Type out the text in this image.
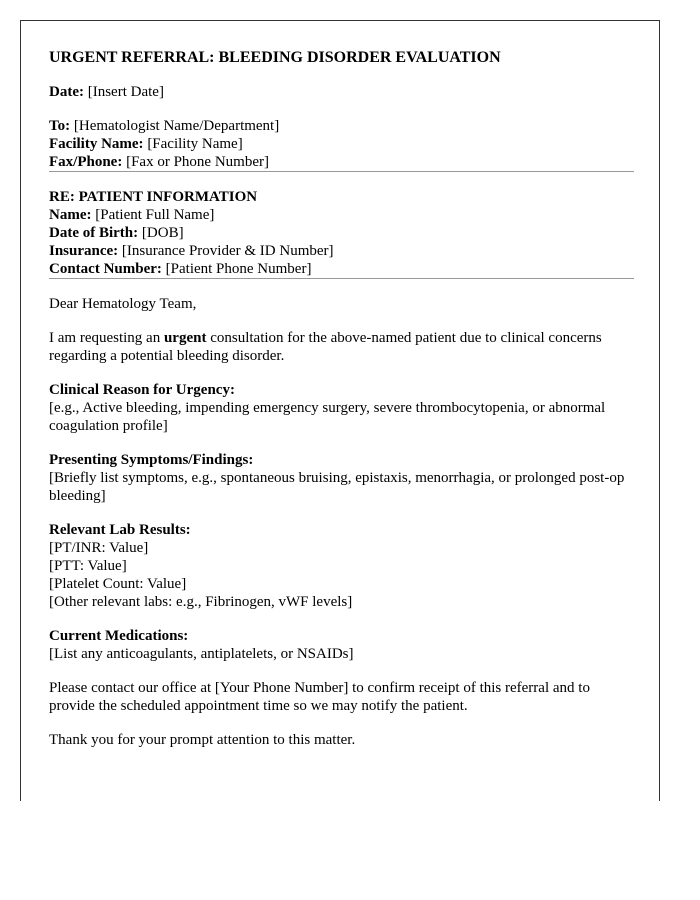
URGENT REFERRAL: BLEEDING DISORDER EVALUATION
Date: [Insert Date]
To: [Hematologist Name/Department]
Facility Name: [Facility Name]
Fax/Phone: [Fax or Phone Number]
RE: PATIENT INFORMATION
Name: [Patient Full Name]
Date of Birth: [DOB]
Insurance: [Insurance Provider & ID Number]
Contact Number: [Patient Phone Number]
Dear Hematology Team,
I am requesting an urgent consultation for the above-named patient due to clinical concerns regarding a potential bleeding disorder.
Clinical Reason for Urgency:
[e.g., Active bleeding, impending emergency surgery, severe thrombocytopenia, or abnormal coagulation profile]
Presenting Symptoms/Findings:
[Briefly list symptoms, e.g., spontaneous bruising, epistaxis, menorrhagia, or prolonged post-op bleeding]
Relevant Lab Results:
[PT/INR: Value]
[PTT: Value]
[Platelet Count: Value]
[Other relevant labs: e.g., Fibrinogen, vWF levels]
Current Medications:
[List any anticoagulants, antiplatelets, or NSAIDs]
Please contact our office at [Your Phone Number] to confirm receipt of this referral and to provide the scheduled appointment time so we may notify the patient.
Thank you for your prompt attention to this matter.
